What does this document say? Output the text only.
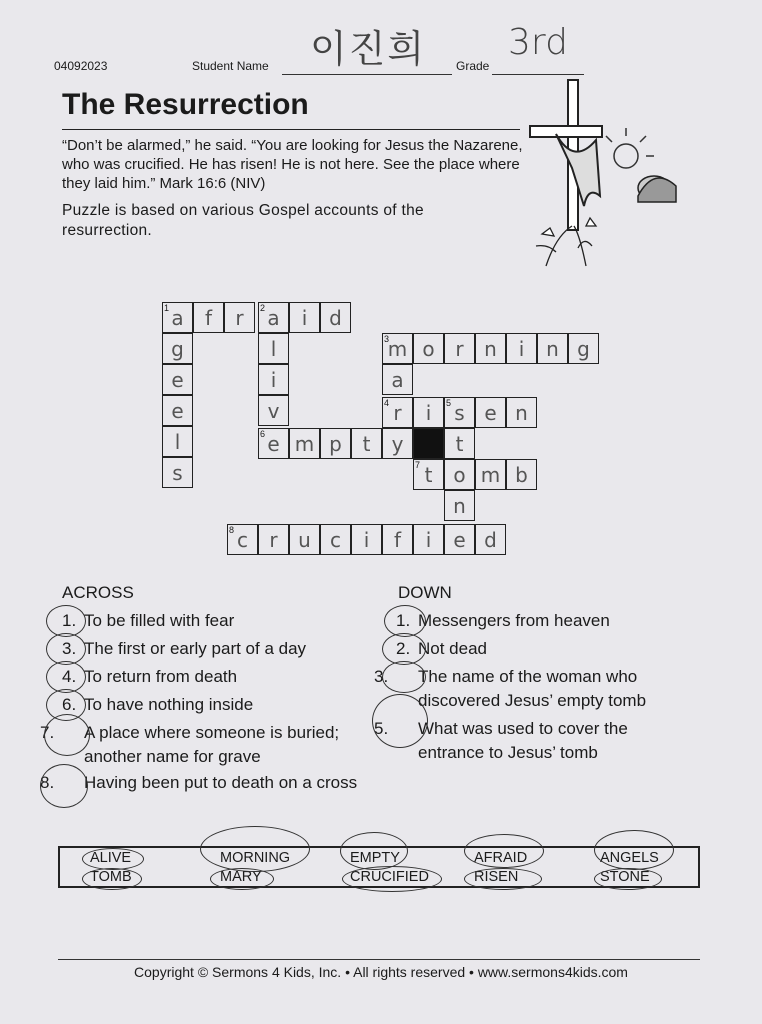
04092023	Student Name 이진희 Grade
3rd
The Resurrection
“Don’t be alarmed,” he said. “You are looking for Jesus the Nazarene, who was crucified. He has risen! He is not here. See the place where they laid him.” Mark 16:6 (NIV)
Puzzle is based on various Gospel accounts of the resurrection.
1 a	f	r	2 a	i	d
g
e
e
l
s
l
i
v
6 e m p	t	y	t
3
m o	r	n	i	n g
a
4 r	i	5 s e n
7 t	o m b
n
8 c	r	u c	i	f	i	e d
ACROSS
1. To be filled with fear
3. The first or early part of a day
4. To return from death
6. To have nothing inside
7. A place where someone is buried; another name for grave
8. Having been put to death on a cross
DOWN
1. Messengers from heaven
2. Not dead
3. The name of the woman who discovered Jesus’ empty tomb
5. What was used to cover the entrance to Jesus’ tomb
ALIVE	MORNING	EMPTY	AFRAID	ANGELS
TOMB	MARY	CRUCIFIED	RISEN	STONE
Copyright © Sermons 4 Kids, Inc. • All rights reserved • www.sermons4kids.com
